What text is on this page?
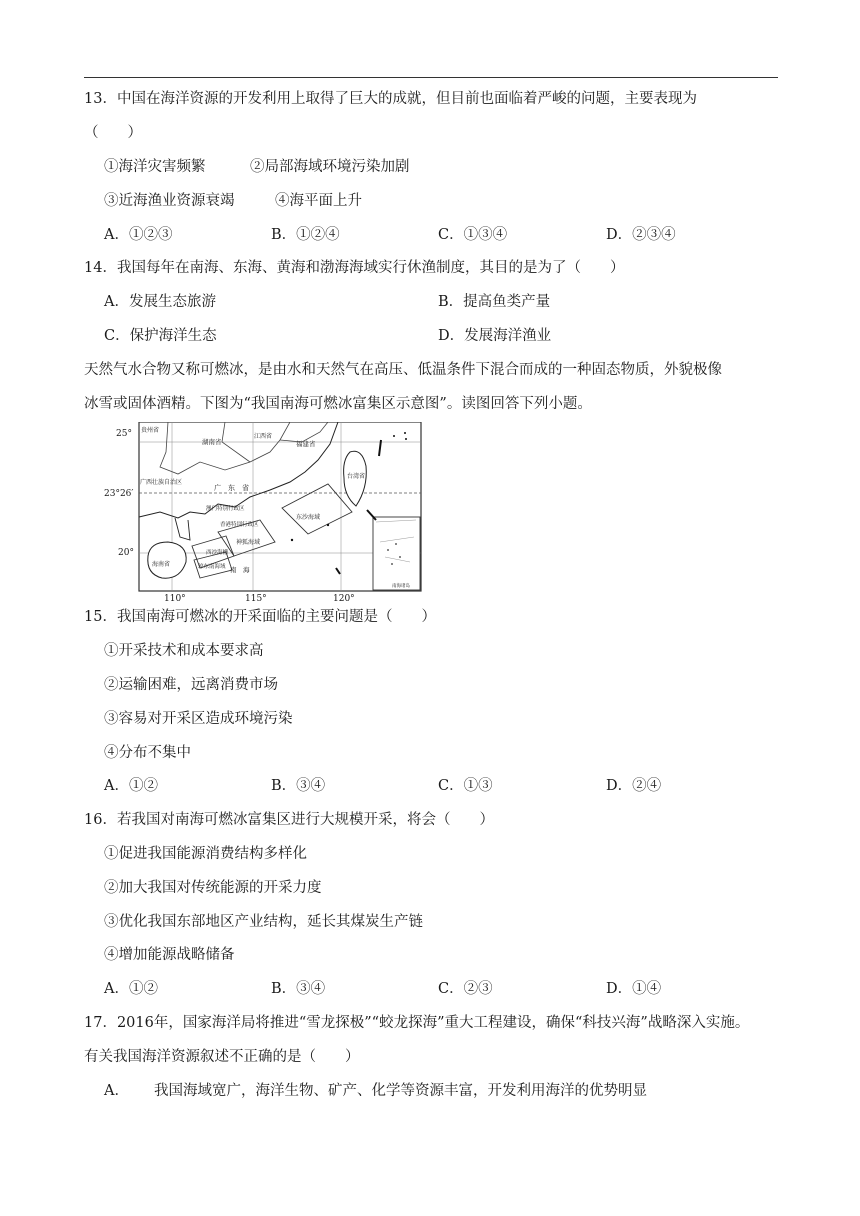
13．中国在海洋资源的开发利用上取得了巨大的成就，但目前也面临着严峻的问题，主要表现为
（　　）
①海洋灾害频繁	②局部海域环境污染加剧
③近海渔业资源衰竭	④海平面上升
A．①②③	B．①②④	C．①③④	D．②③④
14．我国每年在南海、东海、黄海和渤海海域实行休渔制度，其目的是为了（　　）
A．发展生态旅游	B．提高鱼类产量
C．保护海洋生态	D．发展海洋渔业
天然气水合物又称可燃冰，是由水和天然气在高压、低温条件下混合而成的一种固态物质，外貌极像
冰雪或固体酒精。下图为“我国南海可燃冰富集区示意图”。读图回答下列小题。
贵州省
湖南省
江西省
福建省
广西壮族自治区
广　东　省
台湾省
澳门特别行政区
香港特别行政区
东沙海域
神狐海域
西沙海槽
琼东南海域
海南省
南　海
南海诸岛
25°
23°26′
20°
110°	115°	120°
15．我国南海可燃冰的开采面临的主要问题是（　　）
①开采技术和成本要求高
②运输困难，远离消费市场
③容易对开采区造成环境污染
④分布不集中
A．①②	B．③④	C．①③	D．②④
16．若我国对南海可燃冰富集区进行大规模开采，将会（　　）
①促进我国能源消费结构多样化
②加大我国对传统能源的开采力度
③优化我国东部地区产业结构，延长其煤炭生产链
④增加能源战略储备
A．①②	B．③④	C．②③	D．①④
17．2016年，国家海洋局将推进“雪龙探极”“蛟龙探海”重大工程建设，确保“科技兴海”战略深入实施。
有关我国海洋资源叙述不正确的是（　　）
A． 我国海域宽广，海洋生物、矿产、化学等资源丰富，开发利用海洋的优势明显
